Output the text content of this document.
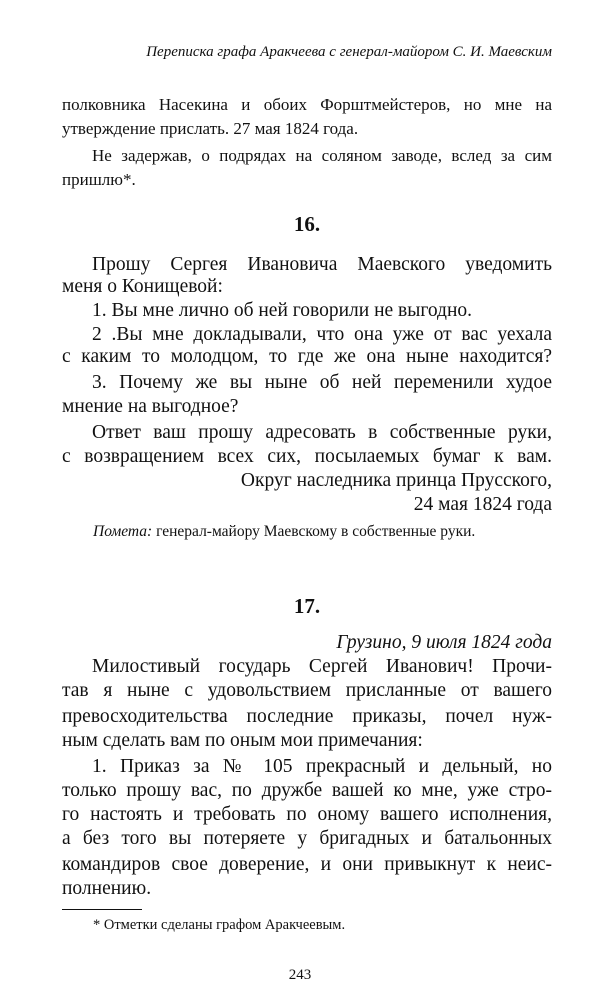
Переписка графа Аракчеева с генерал-майором С. И. Маевским
полковника Насекина и обоих Форштмейстеров, но мне на
утверждение прислать. 27 мая 1824 года.
Не задержав, о подрядах на соляном заводе, вслед за сим
пришлю*.
16.
Прошу Сергея Ивановича Маевского уведомить
меня о Конищевой:
1. Вы мне лично об ней говорили не выгодно.
2 .Вы мне докладывали, что она уже от вас уехала
с каким то молодцом, то где же она ныне находится?
3. Почему же вы ныне об ней переменили худое
мнение на выгодное?
Ответ ваш прошу адресовать в собственные руки,
с возвращением всех сих, посылаемых бумаг к вам.
Округ наследника принца Прусского,
24 мая 1824 года
Помета: генерал-майору Маевскому в собственные руки.
17.
Грузино, 9 июля 1824 года
Милостивый государь Сергей Иванович! Прочи-
тав я ныне с удовольствием присланные от вашего
превосходительства последние приказы, почел нуж-
ным сделать вам по оным мои примечания:
1. Приказ за № 105 прекрасный и дельный, но
только прошу вас, по дружбе вашей ко мне, уже стро-
го настоять и требовать по оному вашего исполнения,
а без того вы потеряете у бригадных и батальонных
командиров свое доверение, и они привыкнут к неис-
полнению.
* Отметки сделаны графом Аракчеевым.
243
